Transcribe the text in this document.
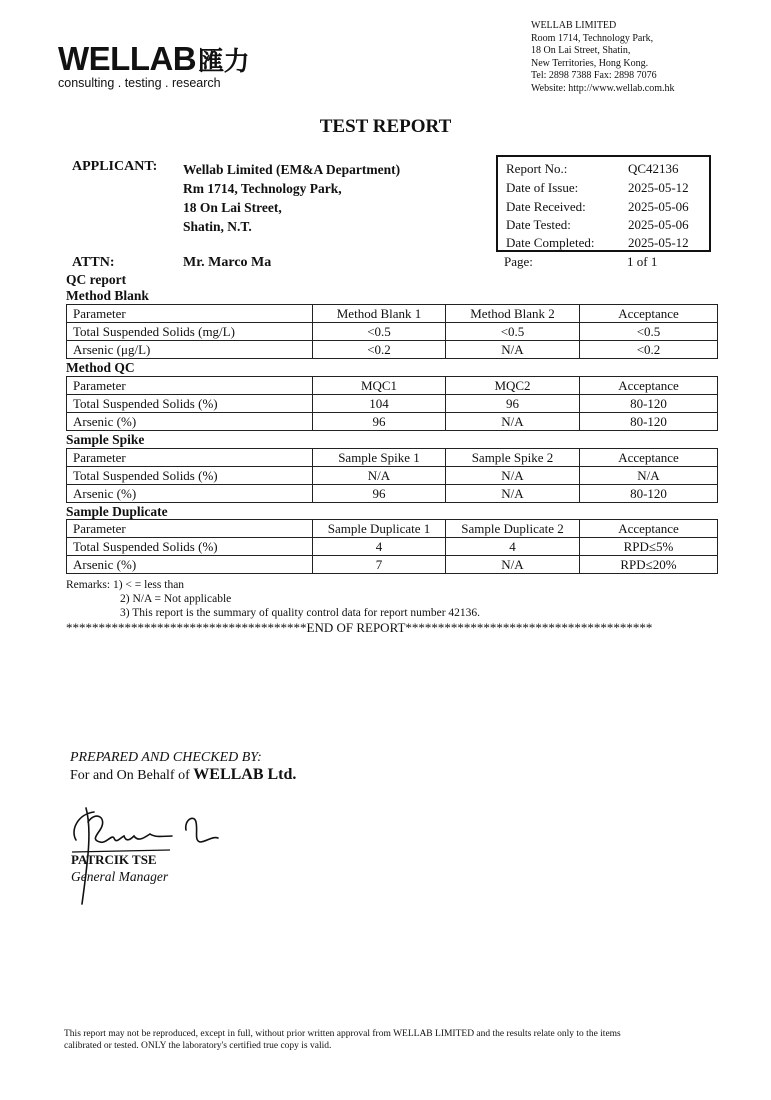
WELLAB匯力
consulting . testing . research
WELLAB LIMITED
Room 1714, Technology Park,
18 On Lai Street, Shatin,
New Territories, Hong Kong.
Tel: 2898 7388 Fax: 2898 7076
Website: http://www.wellab.com.hk
TEST REPORT
APPLICANT: Wellab Limited (EM&A Department)
Rm 1714, Technology Park,
18 On Lai Street,
Shatin, N.T.
ATTN:	Mr. Marco Ma
Report No.:	QC42136
Date of Issue:	2025-05-12
Date Received:	2025-05-06
Date Tested:	2025-05-06
Date Completed:	2025-05-12
Page:	1 of 1
QC report
Method Blank
Parameter	Method Blank 1	Method Blank 2	Acceptance
Total Suspended Solids (mg/L)	<0.5	<0.5	<0.5
Arsenic (μg/L)	<0.2	N/A	<0.2
Method QC
Parameter	MQC1	MQC2	Acceptance
Total Suspended Solids (%)	104	96	80-120
Arsenic (%)	96	N/A	80-120
Sample Spike
Parameter	Sample Spike 1	Sample Spike 2	Acceptance
Total Suspended Solids (%)	N/A	N/A	N/A
Arsenic (%)	96	N/A	80-120
Sample Duplicate
Parameter	Sample Duplicate 1	Sample Duplicate 2	Acceptance
Total Suspended Solids (%)	4	4	RPD≤5%
Arsenic (%)	7	N/A	RPD≤20%
Remarks: 1) < = less than
2) N/A = Not applicable
3) This report is the summary of quality control data for report number 42136.
*************************************END OF REPORT**************************************
PREPARED AND CHECKED BY:
For and On Behalf of WELLAB Ltd.
PATRCIK TSE
General Manager
This report may not be reproduced, except in full, without prior written approval from WELLAB LIMITED and the results relate only to the items
calibrated or tested. ONLY the laboratory's certified true copy is valid.
